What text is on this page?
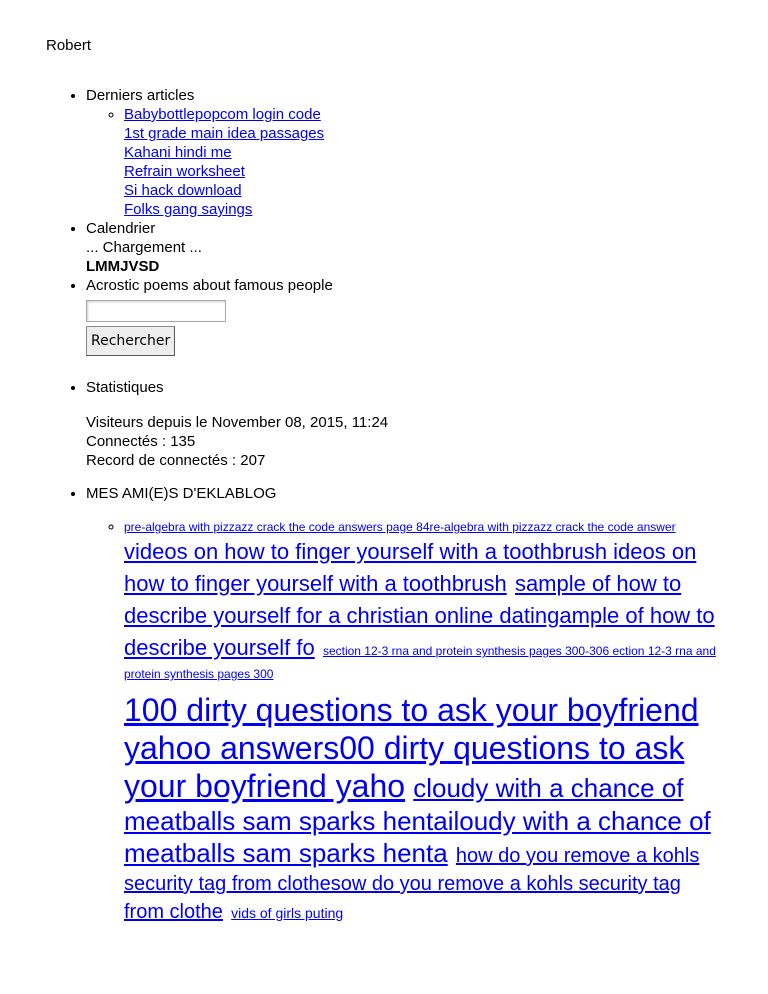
Robert
• Derniers articles
◦ Babybottlepopcom login code
1st grade main idea passages
Kahani hindi me
Refrain worksheet
Si hack download
Folks gang sayings
• Calendrier
... Chargement ...
LMMJVSD
• Acrostic poems about famous people
Rechercher
• Statistiques
Visiteurs depuis le November 08, 2015, 11:24
Connectés : 135
Record de connectés : 207
• MES AMI(E)S D'EKLABLOG
◦ pre-algebra with pizzazz crack the code answers page 84re-algebra with pizzazz crack the code answer videos on how to finger yourself with a toothbrush ideos on how to finger yourself with a toothbrush sample of how to describe yourself for a christian online datingample of how to describe yourself fo section 12-3 rna and protein synthesis pages 300-306 ection 12-3 rna and protein synthesis pages 300
100 dirty questions to ask your boyfriend yahoo answers00 dirty questions to ask your boyfriend yaho cloudy with a chance of meatballs sam sparks hentailoudy with a chance of meatballs sam sparks henta how do you remove a kohls security tag from clothesow do you remove a kohls security tag from clothe vids of girls puting
